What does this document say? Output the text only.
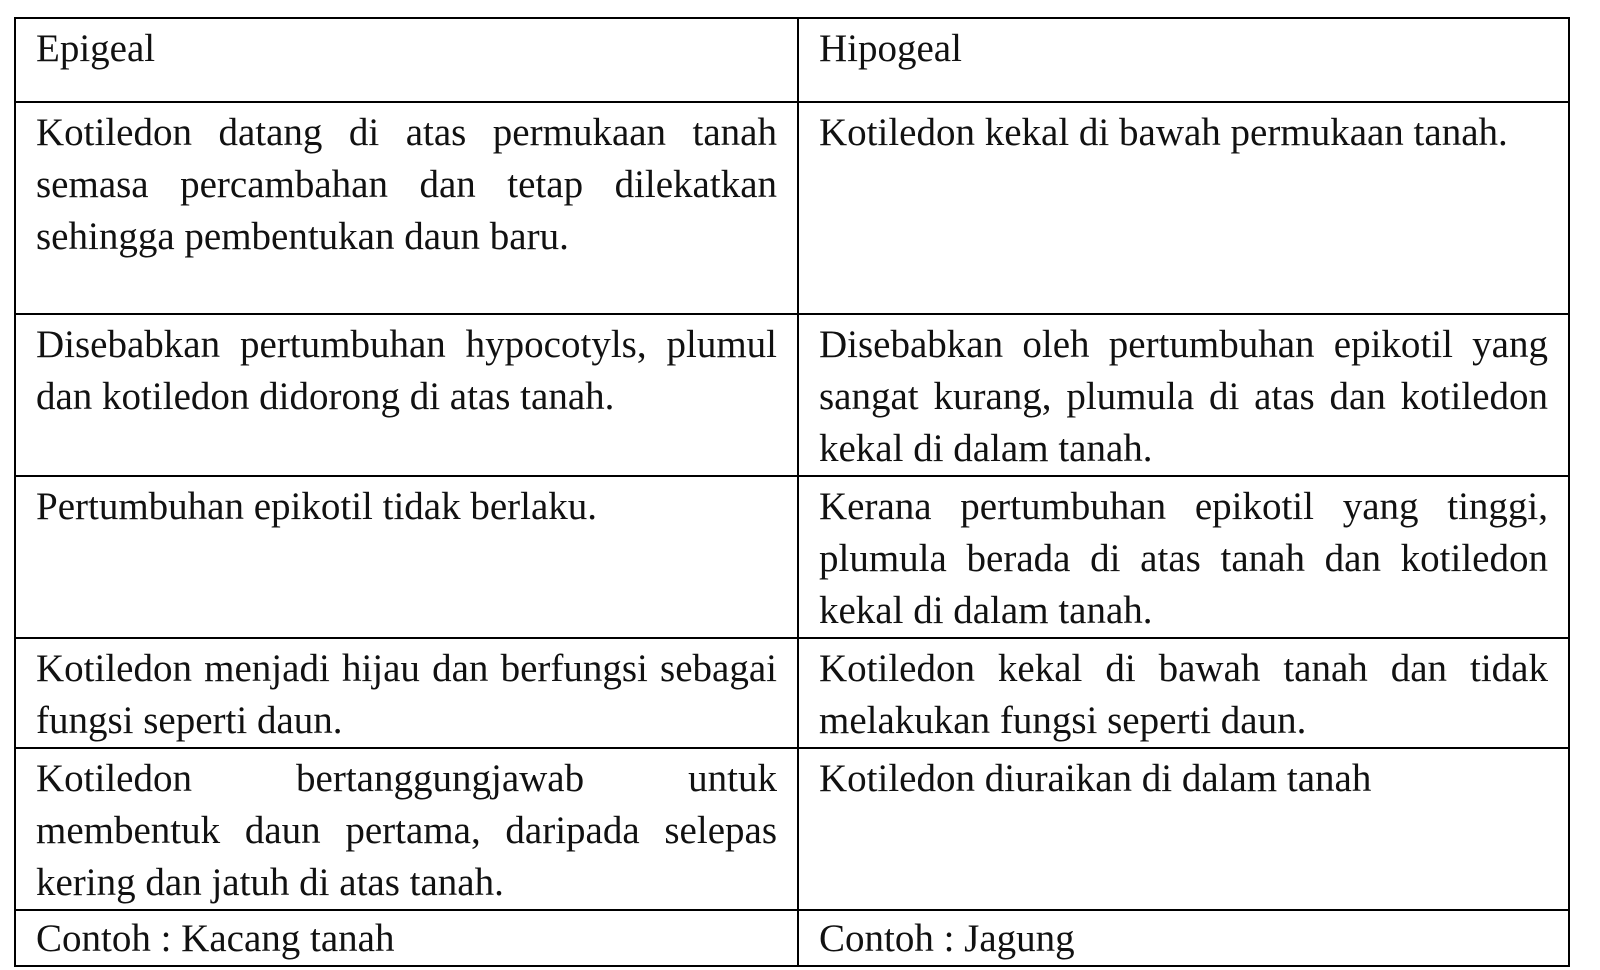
Epigeal	Hipogeal

Kotiledon datang di atas permukaan tanah semasa percambahan dan tetap dilekatkan sehingga pembentukan daun baru.	Kotiledon kekal di bawah permukaan tanah.

Disebabkan pertumbuhan hypocotyls, plumul dan kotiledon didorong di atas tanah.	Disebabkan oleh pertumbuhan epikotil yang sangat kurang, plumula di atas dan kotiledon kekal di dalam tanah.

Pertumbuhan epikotil tidak berlaku.	Kerana pertumbuhan epikotil yang tinggi, plumula berada di atas tanah dan kotiledon kekal di dalam tanah.

Kotiledon menjadi hijau dan berfungsi sebagai fungsi seperti daun.	Kotiledon kekal di bawah tanah dan tidak melakukan fungsi seperti daun.

Kotiledon bertanggungjawab untuk membentuk daun pertama, daripada selepas kering dan jatuh di atas tanah.	Kotiledon diuraikan di dalam tanah

Contoh : Kacang tanah	Contoh : Jagung
